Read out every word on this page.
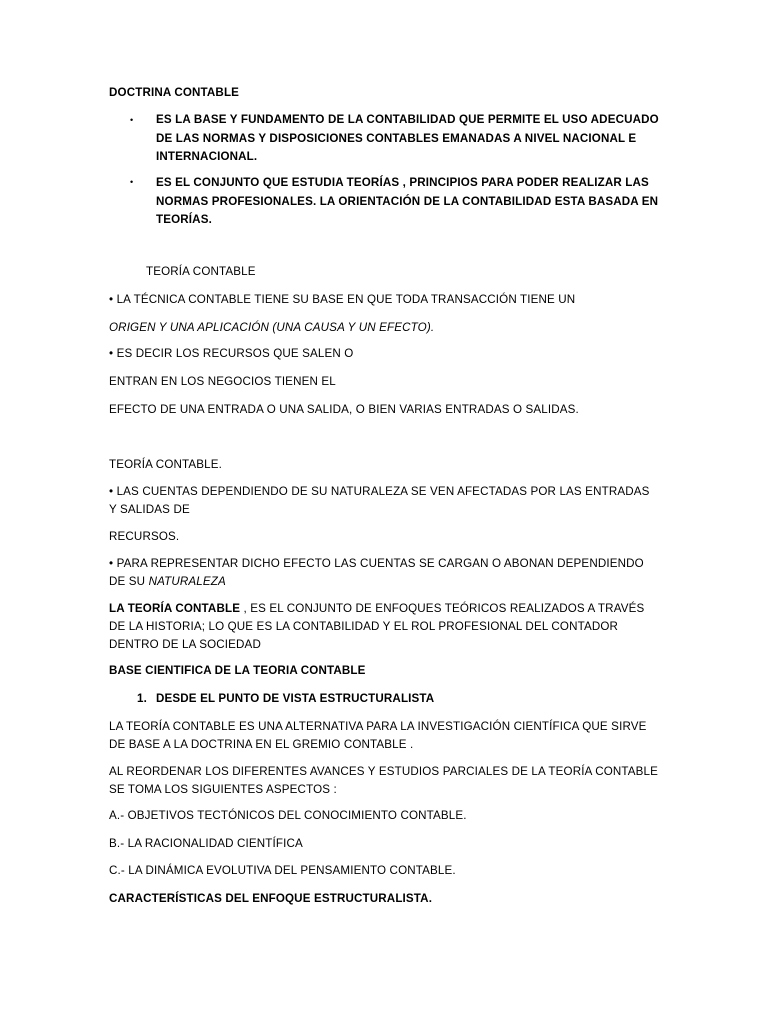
DOCTRINA CONTABLE
• ES LA BASE Y FUNDAMENTO DE LA CONTABILIDAD QUE PERMITE EL USO ADECUADO DE LAS NORMAS Y DISPOSICIONES CONTABLES EMANADAS A NIVEL NACIONAL E INTERNACIONAL.
• ES EL CONJUNTO QUE ESTUDIA TEORÍAS , PRINCIPIOS PARA PODER REALIZAR LAS NORMAS PROFESIONALES. LA ORIENTACIÓN DE LA CONTABILIDAD ESTA BASADA EN TEORÍAS.
TEORÍA CONTABLE
• LA TÉCNICA CONTABLE TIENE SU BASE EN QUE TODA TRANSACCIÓN TIENE UN
ORIGEN Y UNA APLICACIÓN (UNA CAUSA Y UN EFECTO).
• ES DECIR LOS RECURSOS QUE SALEN O
ENTRAN EN LOS NEGOCIOS TIENEN EL
EFECTO DE UNA ENTRADA O UNA SALIDA, O BIEN VARIAS ENTRADAS O SALIDAS.
TEORÍA CONTABLE.
• LAS CUENTAS DEPENDIENDO DE SU NATURALEZA SE VEN AFECTADAS POR LAS ENTRADAS Y SALIDAS DE
RECURSOS.
• PARA REPRESENTAR DICHO EFECTO LAS CUENTAS SE CARGAN O ABONAN DEPENDIENDO DE SU NATURALEZA
LA TEORÍA CONTABLE , ES EL CONJUNTO DE ENFOQUES TEÓRICOS REALIZADOS A TRAVÉS DE LA HISTORIA; LO QUE ES LA CONTABILIDAD Y EL ROL PROFESIONAL DEL CONTADOR DENTRO DE LA SOCIEDAD
BASE CIENTIFICA DE LA TEORIA CONTABLE
1. DESDE EL PUNTO DE VISTA ESTRUCTURALISTA
LA TEORÍA CONTABLE ES UNA ALTERNATIVA PARA LA INVESTIGACIÓN CIENTÍFICA QUE SIRVE DE BASE A LA DOCTRINA EN EL GREMIO CONTABLE .
AL REORDENAR LOS DIFERENTES AVANCES Y ESTUDIOS PARCIALES DE LA TEORÍA CONTABLE SE TOMA LOS SIGUIENTES ASPECTOS :
A.- OBJETIVOS TECTÓNICOS DEL CONOCIMIENTO CONTABLE.
B.- LA RACIONALIDAD CIENTÍFICA
C.- LA DINÁMICA EVOLUTIVA DEL PENSAMIENTO CONTABLE.
CARACTERÍSTICAS DEL ENFOQUE ESTRUCTURALISTA.
